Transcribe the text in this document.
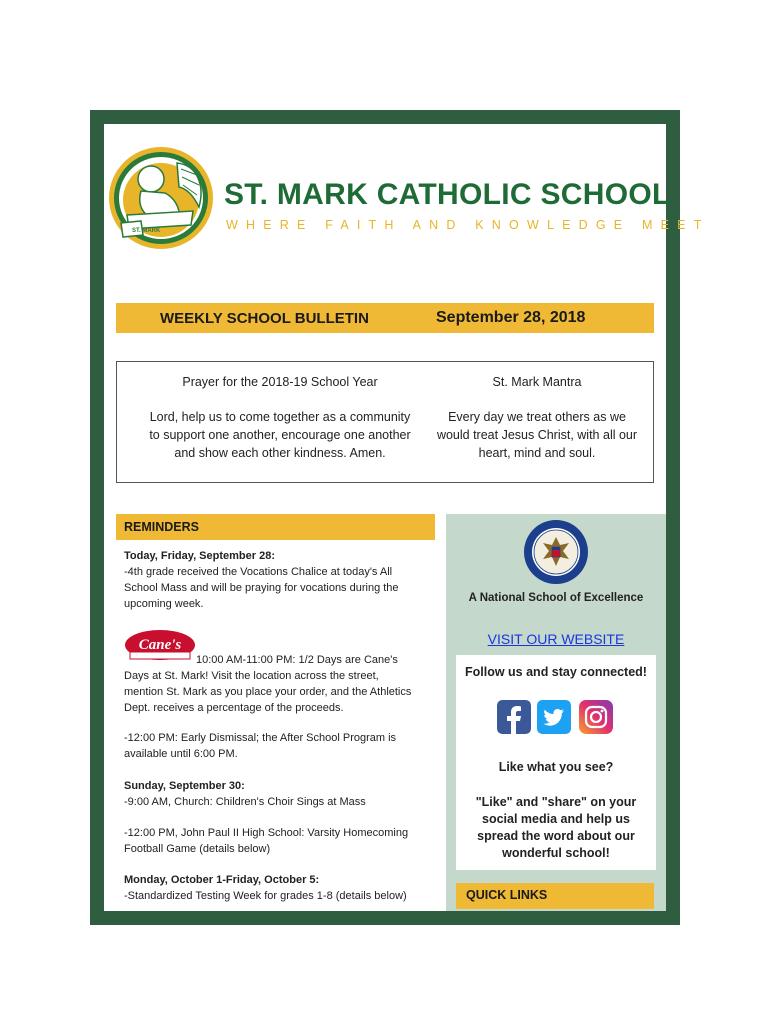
ST. MARK
ST. MARK CATHOLIC SCHOOL
WHERE FAITH AND KNOWLEDGE MEET
WEEKLY SCHOOL BULLETIN	September 28, 2018
Prayer for the 2018-19 School Year
Lord, help us to come together as a community
to support one another, encourage one another
and show each other kindness. Amen.
St. Mark Mantra
Every day we treat others as we
would treat Jesus Christ, with all our
heart, mind and soul.
REMINDERS
Today, Friday, September 28:
-4th grade received the Vocations Chalice at today's All School Mass and will be praying for vocations during the upcoming week.
Cane's
10:00 AM-11:00 PM: 1/2 Days are Cane's
Days at St. Mark! Visit the location across the street, mention St. Mark as you place your order, and the Athletics Dept. receives a percentage of the proceeds.
-12:00 PM: Early Dismissal; the After School Program is available until 6:00 PM.
Sunday, September 30:
-9:00 AM, Church: Children's Choir Sings at Mass
-12:00 PM, John Paul II High School: Varsity Homecoming Football Game (details below)
Monday, October 1-Friday, October 5:
-Standardized Testing Week for grades 1-8 (details below)
A National School of Excellence
VISIT OUR WEBSITE
Follow us and stay connected!
Like what you see?
"Like" and "share" on your social media and help us spread the word about our wonderful school!
QUICK LINKS
